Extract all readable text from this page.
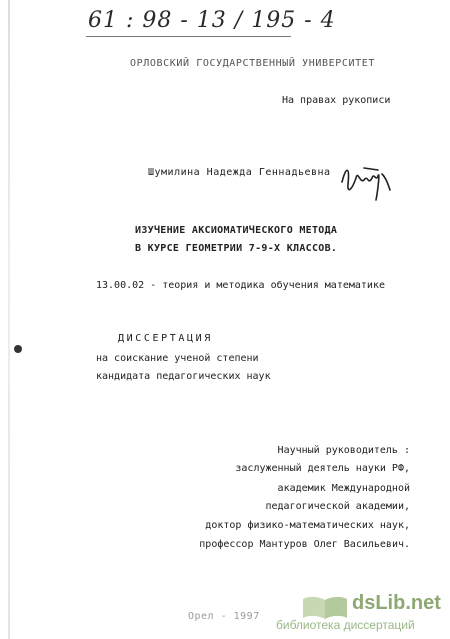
61 : 98 - 13 / 195 - 4
ОРЛОВСКИЙ ГОСУДАРСТВЕННЫЙ УНИВЕРСИТЕТ
На правах рукописи
Шумилина Надежда Геннадьевна
ИЗУЧЕНИЕ АКСИОМАТИЧЕСКОГО МЕТОДА
В КУРСЕ ГЕОМЕТРИИ 7-9-Х КЛАССОВ.
13.00.02 - теория и методика обучения математике
ДИССЕРТАЦИЯ
на соискание ученой степени
кандидата педагогических наук
Научный руководитель :
заслуженный деятель науки РФ,
академик Международной
педагогической академии,
доктор физико-математических наук,
профессор Мантуров Олег Васильевич.
Орел - 1997
dsLib.net
библиотека диссертаций
